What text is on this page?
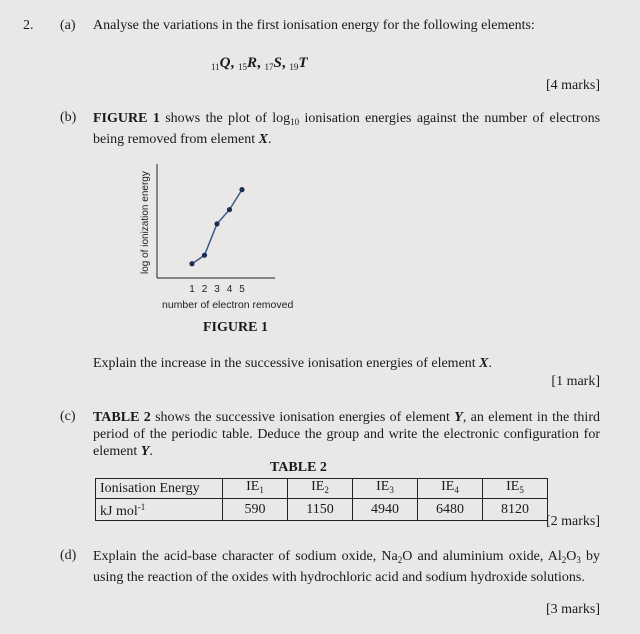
2. (a) Analyse the variations in the first ionisation energy for the following elements:
$_{11}$Q, $_{15}$R, $_{17}$S, $_{19}$T
[4 marks]
(b) FIGURE 1 shows the plot of $\log_{10}$ ionisation energies against the number of electrons being removed from element X.
log of ionization energy
1 2 3 4 5
number of electron removed
FIGURE 1
Explain the increase in the successive ionisation energies of element X.
[1 mark]
(c) TABLE 2 shows the successive ionisation energies of element Y, an element in the third period of the periodic table. Deduce the group and write the electronic configuration for element Y.
TABLE 2
Ionisation Energy	$IE_1$	$IE_2$	$IE_3$	$IE_4$	$IE_5$
kJ mol$^{-1}$	590	1150	4940	6480	8120
[2 marks]
(d) Explain the acid-base character of sodium oxide, $Na_2O$ and aluminium oxide, $Al_2O_3$ by using the reaction of the oxides with hydrochloric acid and sodium hydroxide solutions.
[3 marks]
